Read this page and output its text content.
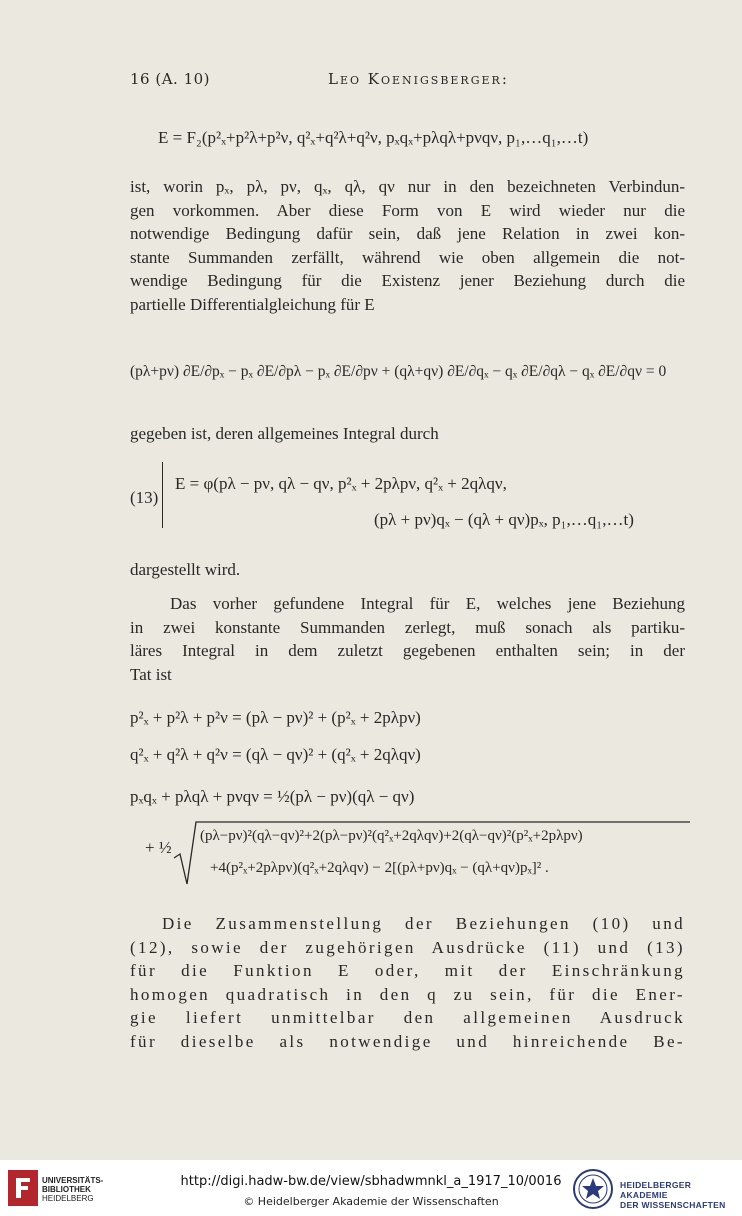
16 (A. 10)	Leo Koenigsberger:
E = F₂(p²ₓ+p²λ+p²ν, q²ₓ+q²λ+q²ν, pₓqₓ+pλqλ+pνqν, p₁,…q₁,…t)
ist, worin pₓ, pλ, pν, qₓ, qλ, qν nur in den bezeichneten Verbindun-
gen vorkommen. Aber diese Form von E wird wieder nur die
notwendige Bedingung dafür sein, daß jene Relation in zwei kon-
stante Summanden zerfällt, während wie oben allgemein die not-
wendige Bedingung für die Existenz jener Beziehung durch die
partielle Differentialgleichung für E
(pλ+pν) ∂E/∂pₓ − pₓ ∂E/∂pλ − pₓ ∂E/∂pν + (qλ+qν) ∂E/∂qₓ − qₓ ∂E/∂qλ − qₓ ∂E/∂qν = 0
gegeben ist, deren allgemeines Integral durch
(13)
E = φ(pλ − pν, qλ − qν, p²ₓ + 2pλpν, q²ₓ + 2qλqν,
(pλ + pν)qₓ − (qλ + qν)pₓ, p₁,…q₁,…t)
dargestellt wird.
Das vorher gefundene Integral für E, welches jene Beziehung
in zwei konstante Summanden zerlegt, muß sonach als partiku-
läres Integral in dem zuletzt gegebenen enthalten sein; in der
Tat ist
p²ₓ + p²λ + p²ν = (pλ − pν)² + (p²ₓ + 2pλpν)
q²ₓ + q²λ + q²ν = (qλ − qν)² + (q²ₓ + 2qλqν)
pₓqₓ + pλqλ + pνqν = ½(pλ − pν)(qλ − qν)
+ ½
(pλ−pν)²(qλ−qν)²+2(pλ−pν)²(q²ₓ+2qλqν)+2(qλ−qν)²(p²ₓ+2pλpν)
+4(p²ₓ+2pλpν)(q²ₓ+2qλqν) − 2[(pλ+pν)qₓ − (qλ+qν)pₓ]² .
Die Zusammenstellung der Beziehungen (10) und
(12), sowie der zugehörigen Ausdrücke (11) und (13)
für die Funktion E oder, mit der Einschränkung
homogen quadratisch in den q zu sein, für die Ener-
gie liefert unmittelbar den allgemeinen Ausdruck
für dieselbe als notwendige und hinreichende Be-
UNIVERSITÄTS-
BIBLIOTHEK
HEIDELBERG
http://digi.hadw-bw.de/view/sbhadwmnkl_a_1917_10/0016
© Heidelberger Akademie der Wissenschaften
HEIDELBERGER AKADEMIE
DER WISSENSCHAFTEN
